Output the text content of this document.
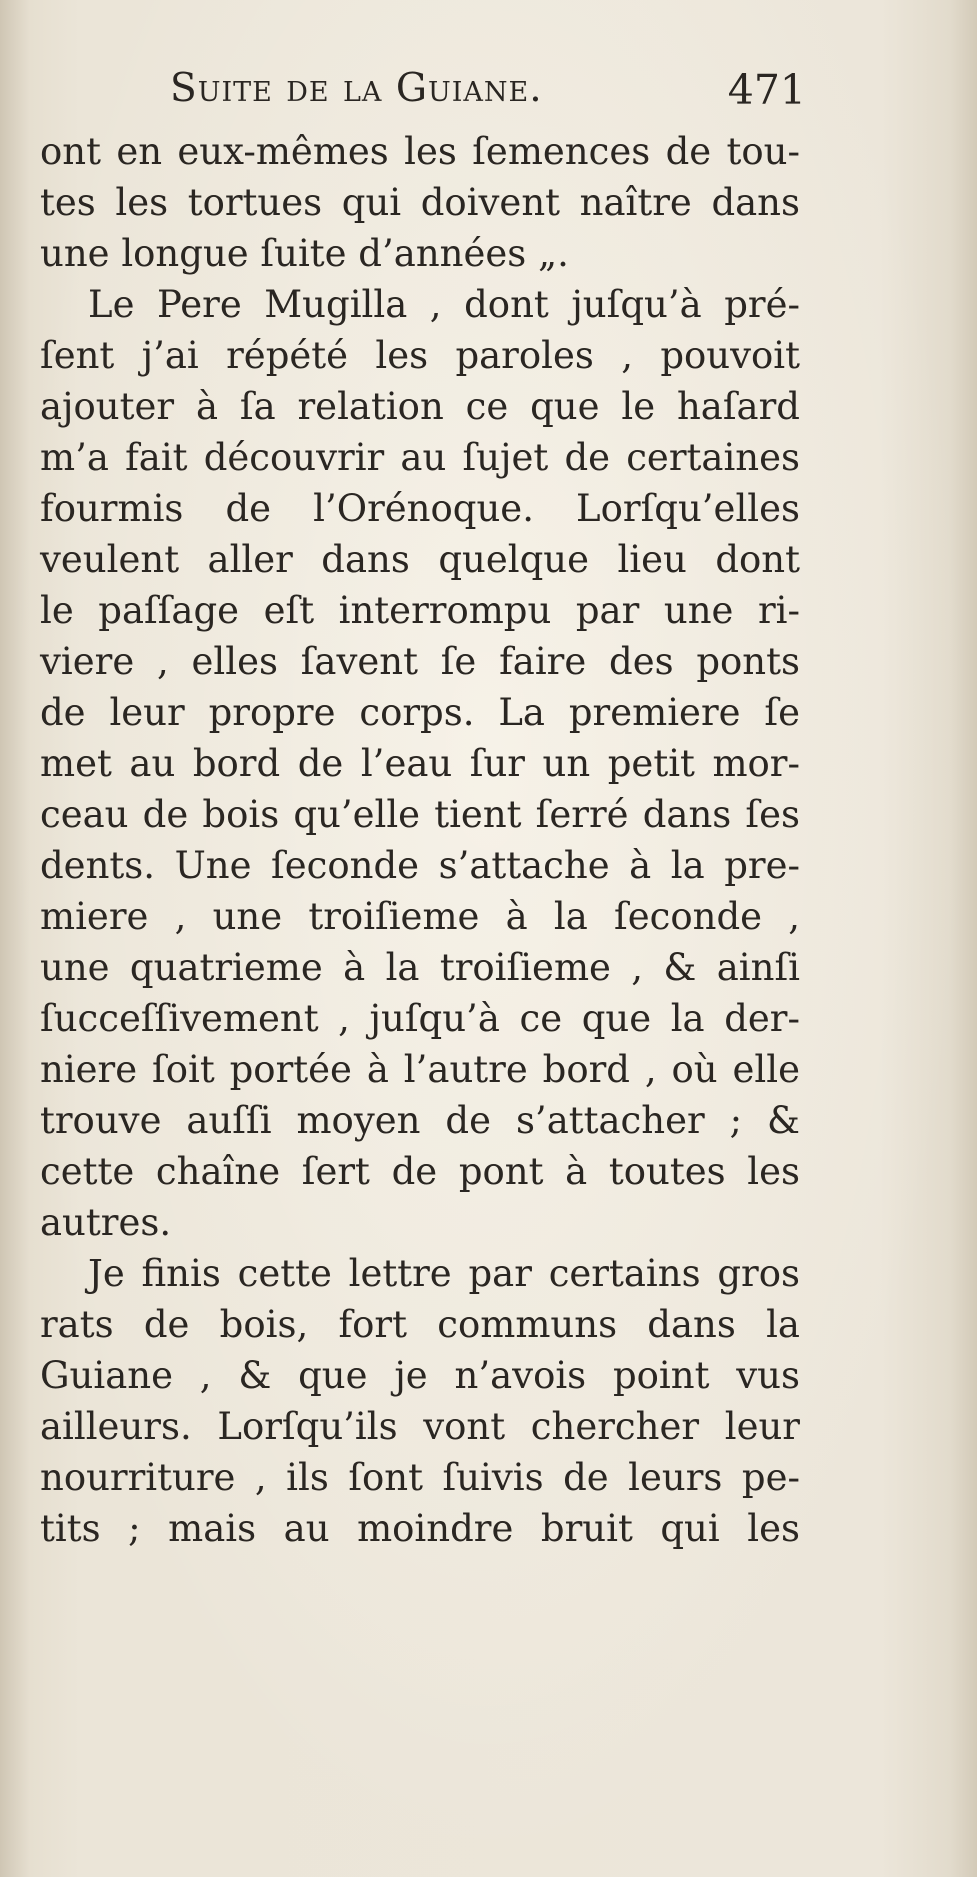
Suite de la Guiane.	471
ont en eux-mêmes les ſemences de tou-
tes les tortues qui doivent naître dans
une longue ſuite d’années „.
Le Pere Mugilla , dont juſqu’à pré-
ſent j’ai répété les paroles , pouvoit
ajouter à ſa relation ce que le haſard
m’a fait découvrir au ſujet de certaines
fourmis de l’Orénoque. Lorſqu’elles
veulent aller dans quelque lieu dont
le paſſage eſt interrompu par une ri-
viere , elles ſavent ſe faire des ponts
de leur propre corps. La premiere ſe
met au bord de l’eau ſur un petit mor-
ceau de bois qu’elle tient ſerré dans ſes
dents. Une ſeconde s’attache à la pre-
miere , une troiſieme à la ſeconde ,
une quatrieme à la troiſieme , & ainſi
ſucceſſivement , juſqu’à ce que la der-
niere ſoit portée à l’autre bord , où elle
trouve auſſi moyen de s’attacher ; &
cette chaîne ſert de pont à toutes les
autres.
Je finis cette lettre par certains gros
rats de bois, fort communs dans la
Guiane , & que je n’avois point vus
ailleurs. Lorſqu’ils vont chercher leur
nourriture , ils ſont ſuivis de leurs pe-
tits ; mais au moindre bruit qui les
